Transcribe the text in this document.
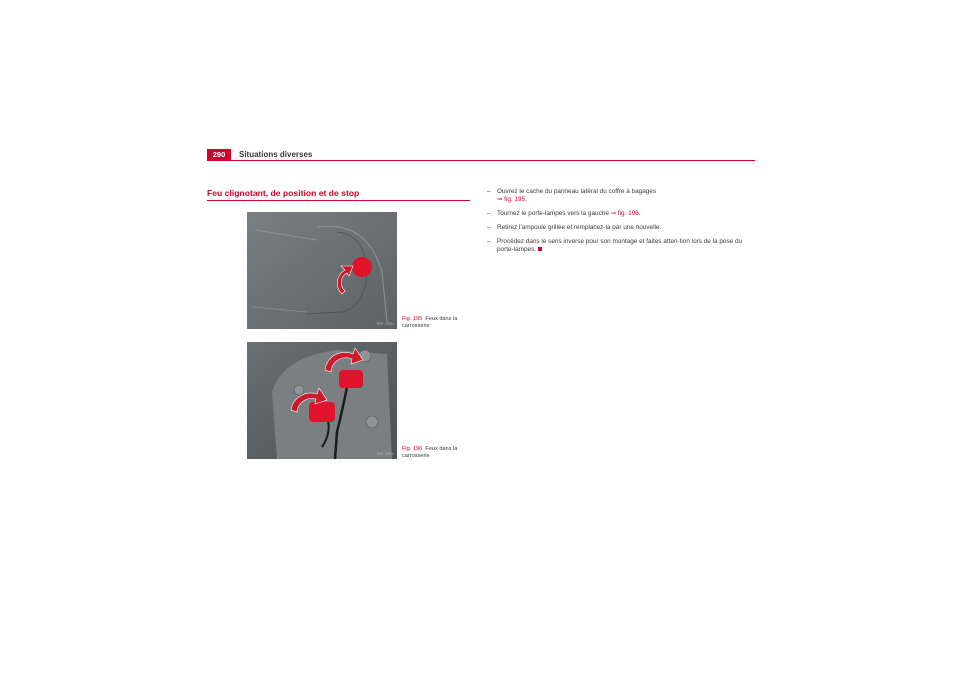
290	Situations diverses
Feu clignotant, de position et de stop
B5P-0331
Fig. 195 Feux dans la carrosserie
B5P-0332
Fig. 196 Feux dans la carrosserie
– Ouvrez le cache du panneau latéral du coffre à bagages
⇒ fig. 195.
– Tournez le porte-lampes vers la gauche ⇒ fig. 196.
– Retirez l'ampoule grillée et remplacez-la par une nouvelle.
– Procédez dans le sens inverse pour son montage et faites atten-tion lors de la pose du porte-lampes.
